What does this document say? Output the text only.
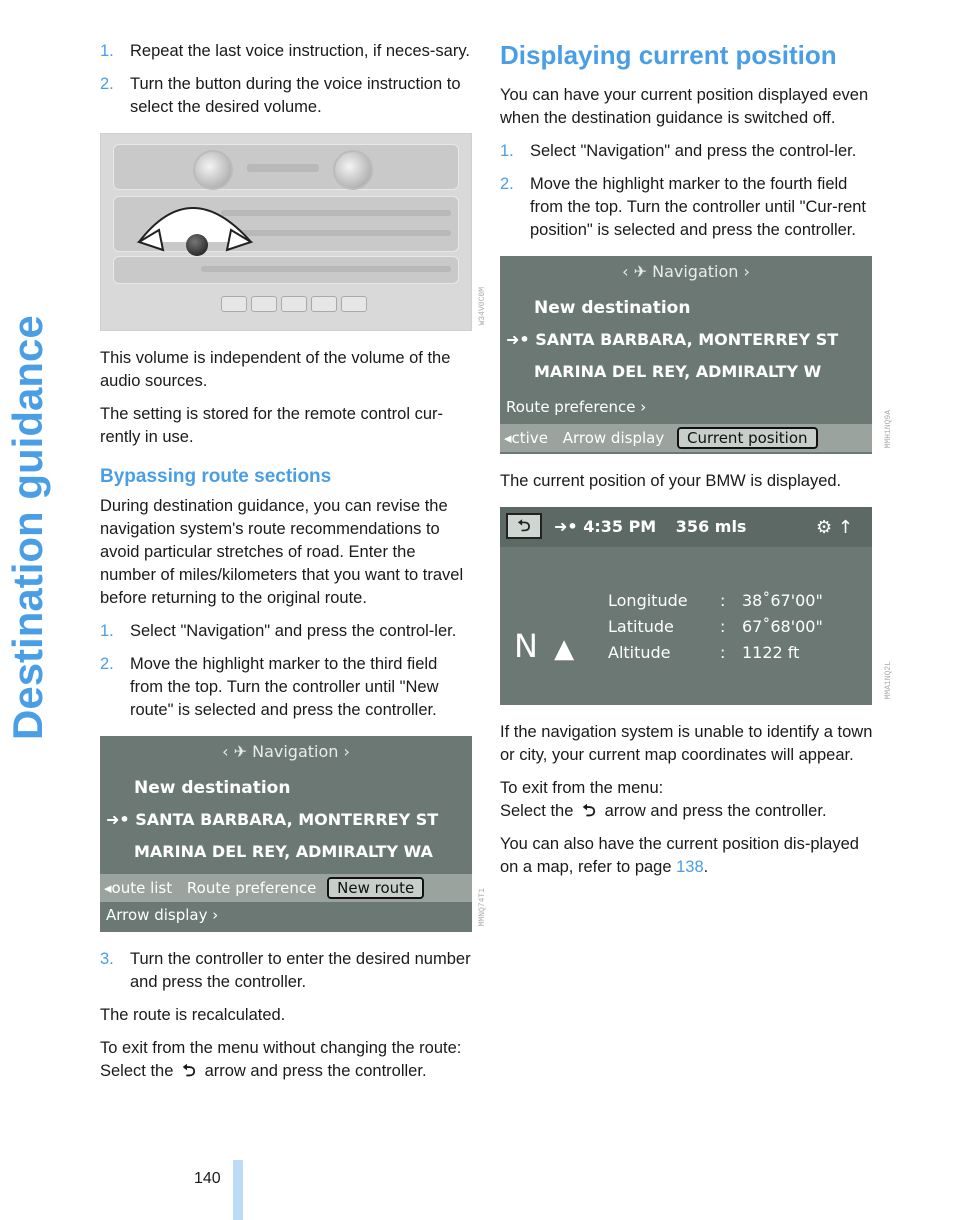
Destination guidance
1. Repeat the last voice instruction, if neces-sary.
2. Turn the button during the voice instruction to select the desired volume.
W34V0C0M

This volume is independent of the volume of the audio sources.

The setting is stored for the remote control cur-rently in use.

Bypassing route sections

During destination guidance, you can revise the navigation system's route recommendations to avoid particular stretches of road. Enter the number of miles/kilometers that you want to travel before returning to the original route.

1. Select "Navigation" and press the control-ler.
2. Move the highlight marker to the third field from the top. Turn the controller until "New route" is selected and press the controller.
‹ ✈ Navigation ›
New destination
➜• SANTA BARBARA, MONTERREY ST
MARINA DEL REY, ADMIRALTY WA
◂oute list Route preference New route
Arrow display ›	MMNQ74T1
3. Turn the controller to enter the desired number and press the controller.

The route is recalculated.

To exit from the menu without changing the route:
Select the ⮌ arrow and press the controller.

Displaying current position

You can have your current position displayed even when the destination guidance is switched off.

1. Select "Navigation" and press the control-ler.
2. Move the highlight marker to the fourth field from the top. Turn the controller until "Cur-rent position" is selected and press the controller.
‹ ✈ Navigation ›
New destination
➜• SANTA BARBARA, MONTERREY ST
MARINA DEL REY, ADMIRALTY W
Route preference ›
◂ctive Arrow display Current position	MMH1NQ9A

The current position of your BMW is displayed.

⮌	➜• 4:35 PM 356 mls	⚙ ↑
Longitude : 38˚67'00"
Latitude	: 67˚68'00"
Altitude	: 1122 ft
N ▲
MMA1NQ2L

If the navigation system is unable to identify a town or city, your current map coordinates will appear.

To exit from the menu:
Select the ⮌ arrow and press the controller.

You can also have the current position dis-played on a map, refer to page 138.

140
